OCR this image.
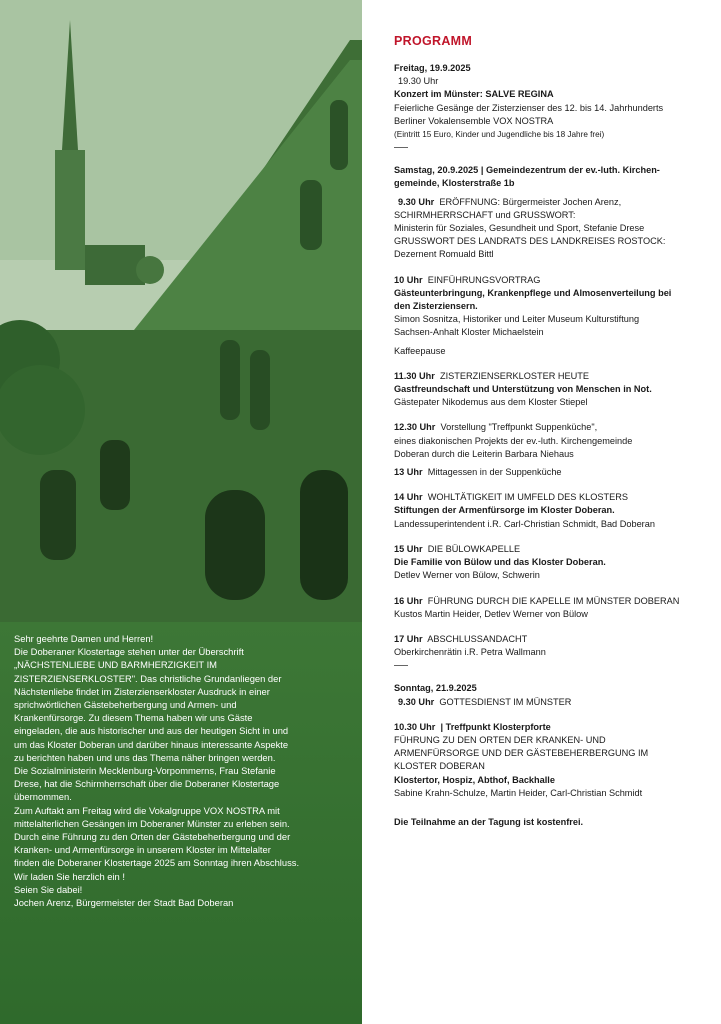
Sehr geehrte Damen und Herren!

Die Doberaner Klostertage stehen unter der Überschrift

„NÄCHSTENLIEBE UND BARMHERZIGKEIT IM

ZISTERZIENSERKLOSTER". Das christliche Grundanliegen der

Nächstenliebe findet im Zisterzienserkloster Ausdruck in einer

sprichwörtlichen Gästebeherbergung und Armen- und

Krankenfürsorge. Zu diesem Thema haben wir uns Gäste

eingeladen, die aus historischer und aus der heutigen Sicht in und

um das Kloster Doberan und darüber hinaus interessante Aspekte

zu berichten haben und uns das Thema näher bringen werden.

Die Sozialministerin Mecklenburg-Vorpommerns, Frau Stefanie

Drese, hat die Schirmherrschaft über die Doberaner Klostertage

übernommen.

Zum Auftakt am Freitag wird die Vokalgruppe VOX NOSTRA mit

mittelalterlichen Gesängen im Doberaner Münster zu erleben sein.

Durch eine Führung zu den Orten der Gästebeherbergung und der

Kranken- und Armenfürsorge in unserem Kloster im Mittelalter

finden die Doberaner Klostertage 2025 am Sonntag ihren Abschluss.

Wir laden Sie herzlich ein !

Seien Sie dabei!

Jochen Arenz, Bürgermeister der Stadt Bad Doberan

PROGRAMM
Freitag, 19.9.2025
19.30 Uhr
Konzert im Münster: SALVE REGINA
Feierliche Gesänge der Zisterzienser des 12. bis 14. Jahrhunderts
Berliner Vokalensemble VOX NOSTRA
(Eintritt 15 Euro, Kinder und Jugendliche bis 18 Jahre frei)
Samstag, 20.9.2025 | Gemeindezentrum der ev.-luth. Kirchen-
gemeinde, Klosterstraße 1b
9.30 Uhr ERÖFFNUNG: Bürgermeister Jochen Arenz,
SCHIRMHERRSCHAFT und GRUSSWORT:
Ministerin für Soziales, Gesundheit und Sport, Stefanie Drese
GRUSSWORT DES LANDRATS DES LANDKREISES ROSTOCK:
Dezernent Romuald Bittl
10 Uhr EINFÜHRUNGSVORTRAG
Gästeunterbringung, Krankenpflege und Almosenverteilung bei
den Zisterziensern.
Simon Sosnitza, Historiker und Leiter Museum Kulturstiftung
Sachsen-Anhalt Kloster Michaelstein
Kaffeepause
11.30 Uhr ZISTERZIENSERKLOSTER HEUTE
Gastfreundschaft und Unterstützung von Menschen in Not.
Gästepater Nikodemus aus dem Kloster Stiepel
12.30 Uhr Vorstellung "Treffpunkt Suppenküche",
eines diakonischen Projekts der ev.-luth. Kirchengemeinde
Doberan durch die Leiterin Barbara Niehaus
13 Uhr Mittagessen in der Suppenküche
14 Uhr WOHLTÄTIGKEIT IM UMFELD DES KLOSTERS
Stiftungen der Armenfürsorge im Kloster Doberan.
Landessuperintendent i.R. Carl-Christian Schmidt, Bad Doberan
15 Uhr DIE BÜLOWKAPELLE
Die Familie von Bülow und das Kloster Doberan.
Detlev Werner von Bülow, Schwerin
16 Uhr FÜHRUNG DURCH DIE KAPELLE IM MÜNSTER DOBERAN
Kustos Martin Heider, Detlev Werner von Bülow
17 Uhr ABSCHLUSSANDACHT
Oberkirchenrätin i.R. Petra Wallmann
Sonntag, 21.9.2025
9.30 Uhr GOTTESDIENST IM MÜNSTER
10.30 Uhr | Treffpunkt Klosterpforte
FÜHRUNG ZU DEN ORTEN DER KRANKEN- UND
ARMENFÜRSORGE UND DER GÄSTEBEHERBERGUNG IM
KLOSTER DOBERAN
Klostertor, Hospiz, Abthof, Backhalle
Sabine Krahn-Schulze, Martin Heider, Carl-Christian Schmidt
Die Teilnahme an der Tagung ist kostenfrei.
